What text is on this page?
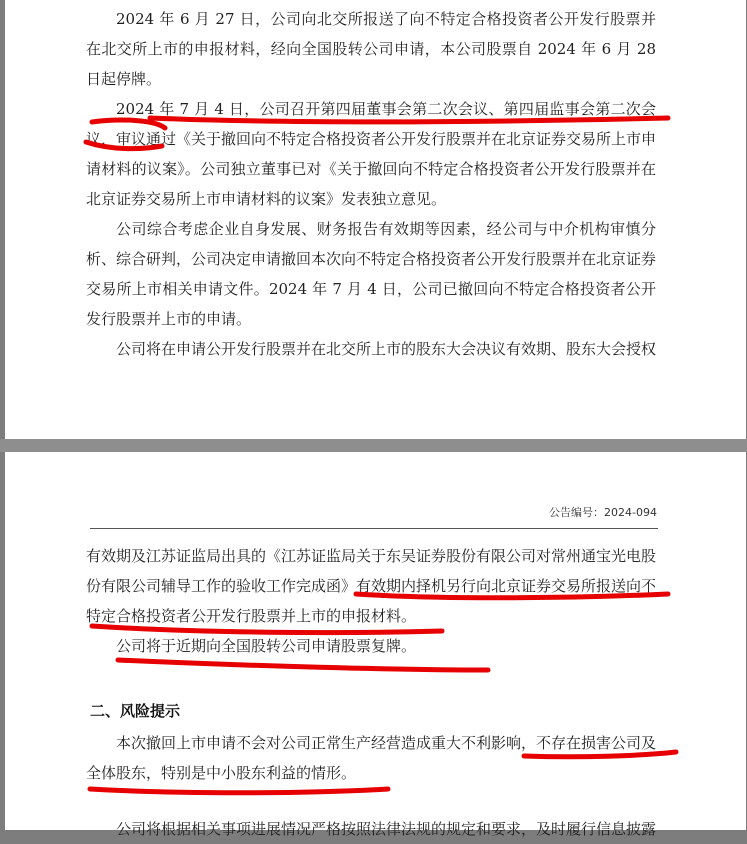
2024 年 6 月 27 日，公司向北交所报送了向不特定合格投资者公开发行股票并在北交所上市的申报材料，经向全国股转公司申请，本公司股票自 2024 年 6 月 28 日起停牌。

2024 年 7 月 4 日，公司召开第四届董事会第二次会议、第四届监事会第二次会议，审议通过《关于撤回向不特定合格投资者公开发行股票并在北京证券交易所上市申请材料的议案》。公司独立董事已对《关于撤回向不特定合格投资者公开发行股票并在北京证券交易所上市申请材料的议案》发表独立意见。

公司综合考虑企业自身发展、财务报告有效期等因素，经公司与中介机构审慎分析、综合研判，公司决定申请撤回本次向不特定合格投资者公开发行股票并在北京证券交易所上市相关申请文件。2024 年 7 月 4 日，公司已撤回向不特定合格投资者公开发行股票并上市的申请。

公司将在申请公开发行股票并在北交所上市的股东大会决议有效期、股东大会授权

公告编号：2024-094

有效期及江苏证监局出具的《江苏证监局关于东吴证券股份有限公司对常州通宝光电股份有限公司辅导工作的验收工作完成函》有效期内择机另行向北京证券交易所报送向不特定合格投资者公开发行股票并上市的申报材料。

公司将于近期向全国股转公司申请股票复牌。

二、风险提示

本次撤回上市申请不会对公司正常生产经营造成重大不利影响，不存在损害公司及全体股东，特别是中小股东利益的情形。

公司将根据相关事项进展情况严格按照法律法规的规定和要求，及时履行信息披露
